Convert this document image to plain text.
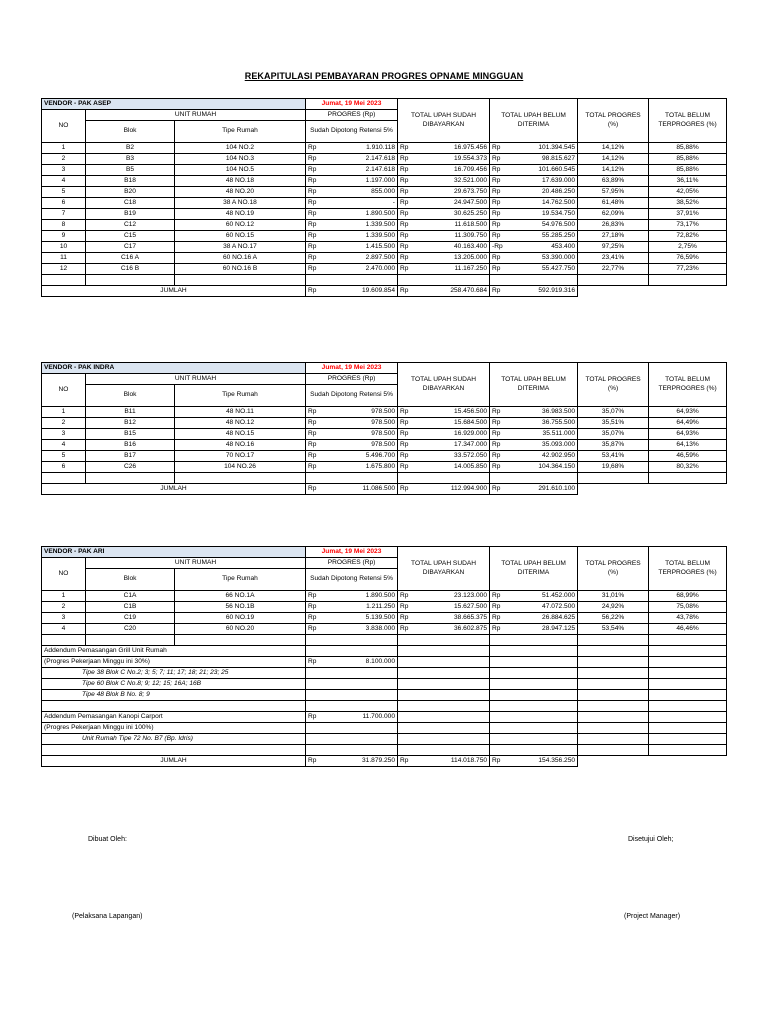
REKAPITULASI PEMBAYARAN PROGRES OPNAME MINGGUAN
VENDOR - PAK ASEP			Jumat, 19 Mei 2023		TOTAL UPAH SUDAH DIBAYARKAN		TOTAL UPAH BELUM DITERIMA		TOTAL PROGRES (%)	TOTAL BELUM TERPROGRES (%)
NO	UNIT RUMAH		PROGRES (Rp)							
	Blok	Tipe Rumah	Sudah Dipotong Retensi 5%							
1	B2	104 NO.2	Rp	1.910.118	Rp	16.975.456	Rp	101.394.545	14,12%	85,88%
2	B3	104 NO.3	Rp	2.147.618	Rp	19.554.373	Rp	98.815.627	14,12%	85,88%
3	B5	104 NO.5	Rp	2.147.618	Rp	16.709.456	Rp	101.660.545	14,12%	85,88%
4	B18	48 NO.18	Rp	1.197.000	Rp	32.521.000	Rp	17.639.000	63,89%	36,11%
5	B20	48 NO.20	Rp	855.000	Rp	29.673.750	Rp	20.486.250	57,95%	42,05%
6	C18	38 A NO.18	Rp	-	Rp	24.947.500	Rp	14.762.500	61,48%	38,52%
7	B19	48 NO.19	Rp	1.890.500	Rp	30.625.250	Rp	19.534.750	62,09%	37,91%
8	C12	60 NO.12	Rp	1.339.500	Rp	11.618.500	Rp	54.976.500	26,83%	73,17%
9	C15	60 NO.15	Rp	1.339.500	Rp	11.309.750	Rp	55.285.250	27,18%	72,82%
10	C17	38 A NO.17	Rp	1.415.500	Rp	40.163.400	-Rp	453.400	97,25%	2,75%
11	C16 A	60 NO.16 A	Rp	2.897.500	Rp	13.205.000	Rp	53.390.000	23,41%	76,59%
12	C16 B	60 NO.16 B	Rp	2.470.000	Rp	11.167.250	Rp	55.427.750	22,77%	77,23%

JUMLAH			Rp	19.609.854	Rp	258.470.684	Rp	592.919.316		
VENDOR - PAK INDRA			Jumat, 19 Mei 2023		TOTAL UPAH SUDAH DIBAYARKAN		TOTAL UPAH BELUM DITERIMA		TOTAL PROGRES (%)	TOTAL BELUM TERPROGRES (%)
NO	UNIT RUMAH		PROGRES (Rp)							
	Blok	Tipe Rumah	Sudah Dipotong Retensi 5%							
1	B11	48 NO.11	Rp	978.500	Rp	15.456.500	Rp	36.983.500	35,07%	64,93%
2	B12	48 NO.12	Rp	978.500	Rp	15.684.500	Rp	36.755.500	35,51%	64,49%
3	B15	48 NO.15	Rp	978.500	Rp	16.929.000	Rp	35.511.000	35,07%	64,93%
4	B16	48 NO.16	Rp	978.500	Rp	17.347.000	Rp	35.093.000	35,87%	64,13%
5	B17	70 NO.17	Rp	5.496.700	Rp	33.572.050	Rp	42.902.950	53,41%	46,59%
6	C26	104 NO.26	Rp	1.675.800	Rp	14.005.850	Rp	104.364.150	19,68%	80,32%

JUMLAH			Rp	11.086.500	Rp	112.994.900	Rp	291.610.100		
VENDOR - PAK ARI			Jumat, 19 Mei 2023		TOTAL UPAH SUDAH DIBAYARKAN		TOTAL UPAH BELUM DITERIMA		TOTAL PROGRES (%)	TOTAL BELUM TERPROGRES (%)
NO	UNIT RUMAH		PROGRES (Rp)							
	Blok	Tipe Rumah	Sudah Dipotong Retensi 5%							
1	C1A	66 NO.1A	Rp	1.890.500	Rp	23.123.000	Rp	51.452.000	31,01%	68,99%
2	C1B	56 NO.1B	Rp	1.211.250	Rp	15.627.500	Rp	47.072.500	24,92%	75,08%
3	C19	60 NO.19	Rp	5.139.500	Rp	38.665.375	Rp	26.884.625	56,22%	43,78%
4	C20	60 NO.20	Rp	3.838.000	Rp	36.602.875	Rp	28.947.125	53,54%	46,46%

Addendum Pemasangan Grill Unit Rumah										
(Progres Pekerjaan Minggu ini 30%)			Rp	8.100.000						
Tipe 38 Blok C No.2; 3; 5; 7; 11; 17; 18; 21; 23; 25										
Tipe 60 Blok C No.8; 9; 12; 15; 16A; 16B										
Tipe 48 Blok B No. 8; 9										

Addendum Pemasangan Kanopi Carport			Rp	11.700.000						
(Progres Pekerjaan Minggu ini 100%)										
Unit Rumah Tipe 72 No. B7 (Bp. Idris)										

JUMLAH			Rp	31.879.250	Rp	114.018.750	Rp	154.356.250		
Dibuat Oleh:	Disetujui Oleh;
(Pelaksana Lapangan)	(Project Manager)
